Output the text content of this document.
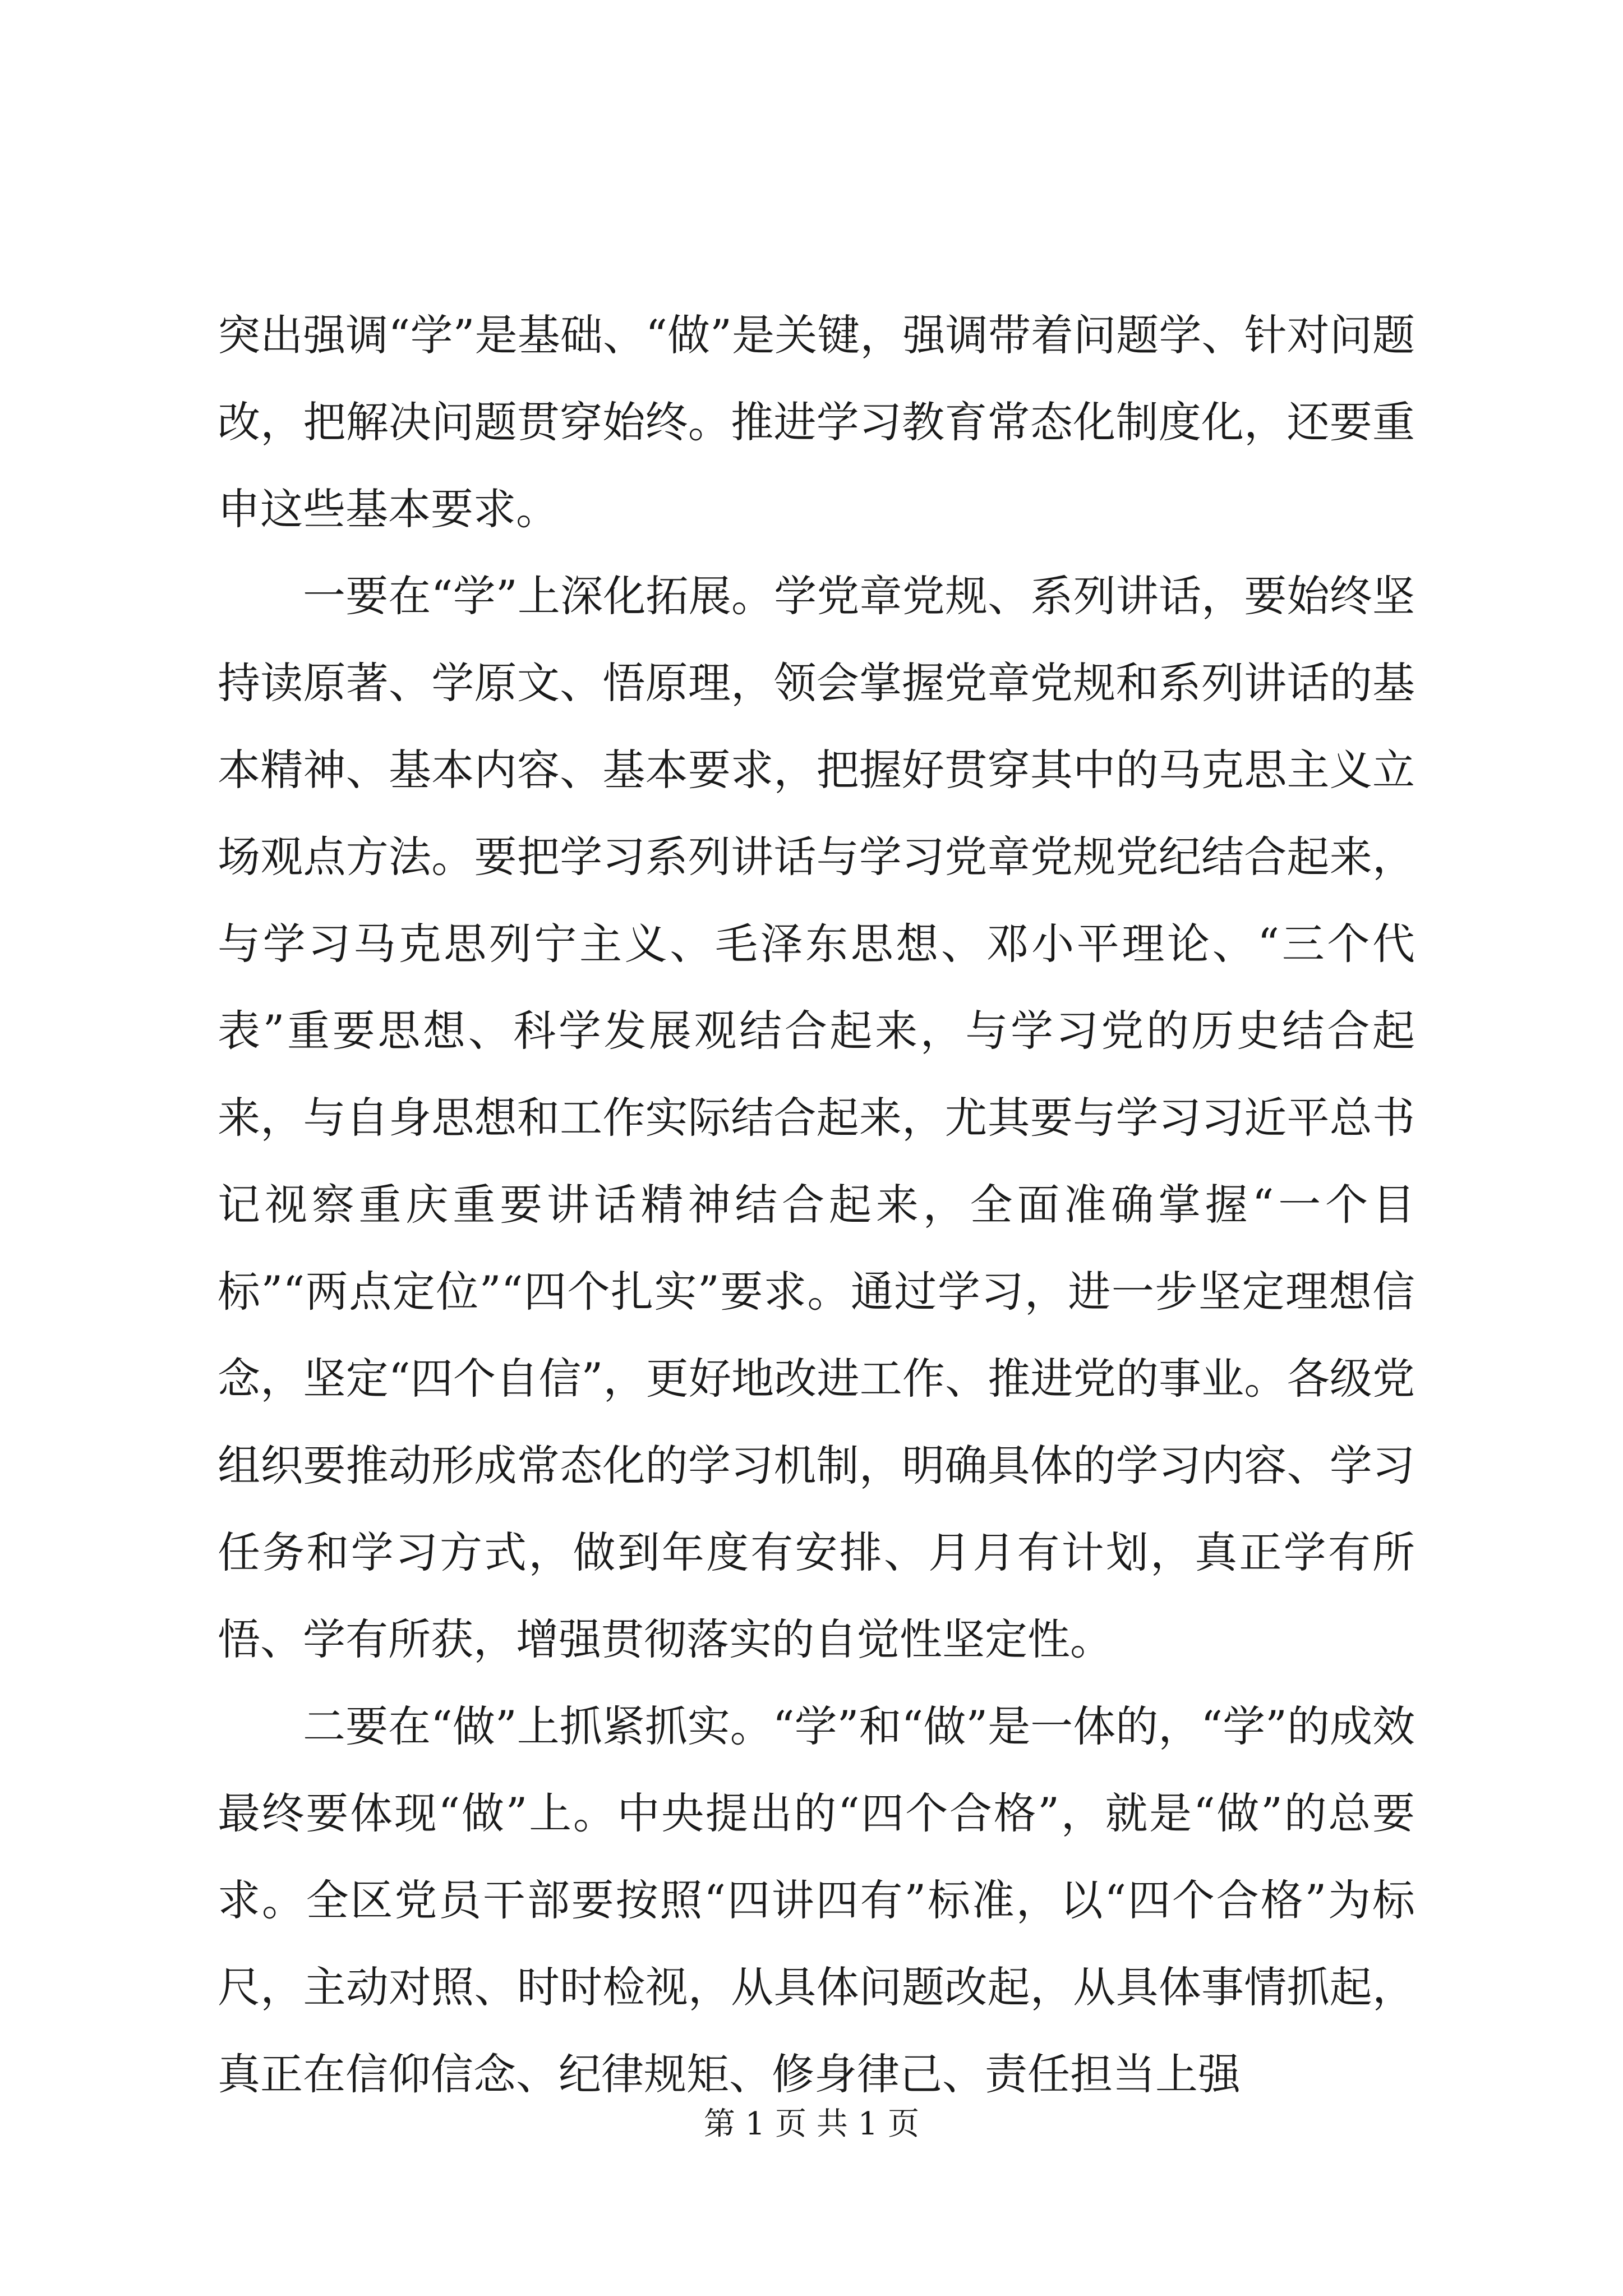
突出强调“学”是基础、“做”是关键，强调带着问题学、针对问题改，把解决问题贯穿始终。推进学习教育常态化制度化，还要重申这些基本要求。

一要在“学”上深化拓展。学党章党规、系列讲话，要始终坚持读原著、学原文、悟原理，领会掌握党章党规和系列讲话的基本精神、基本内容、基本要求，把握好贯穿其中的马克思主义立场观点方法。要把学习系列讲话与学习党章党规党纪结合起来，与学习马克思列宁主义、毛泽东思想、邓小平理论、“三个代表”重要思想、科学发展观结合起来，与学习党的历史结合起来，与自身思想和工作实际结合起来，尤其要与学习习近平总书记视察重庆重要讲话精神结合起来，全面准确掌握“一个目标”“两点定位”“四个扎实”要求。通过学习，进一步坚定理想信念，坚定“四个自信”，更好地改进工作、推进党的事业。各级党组织要推动形成常态化的学习机制，明确具体的学习内容、学习任务和学习方式，做到年度有安排、月月有计划，真正学有所悟、学有所获，增强贯彻落实的自觉性坚定性。

二要在“做”上抓紧抓实。“学”和“做”是一体的，“学”的成效最终要体现“做”上。中央提出的“四个合格”，就是“做”的总要求。全区党员干部要按照“四讲四有”标准，以“四个合格”为标尺，主动对照、时时检视，从具体问题改起，从具体事情抓起，真正在信仰信念、纪律规矩、修身律己、责任担当上强

第 1 页 共 1 页
